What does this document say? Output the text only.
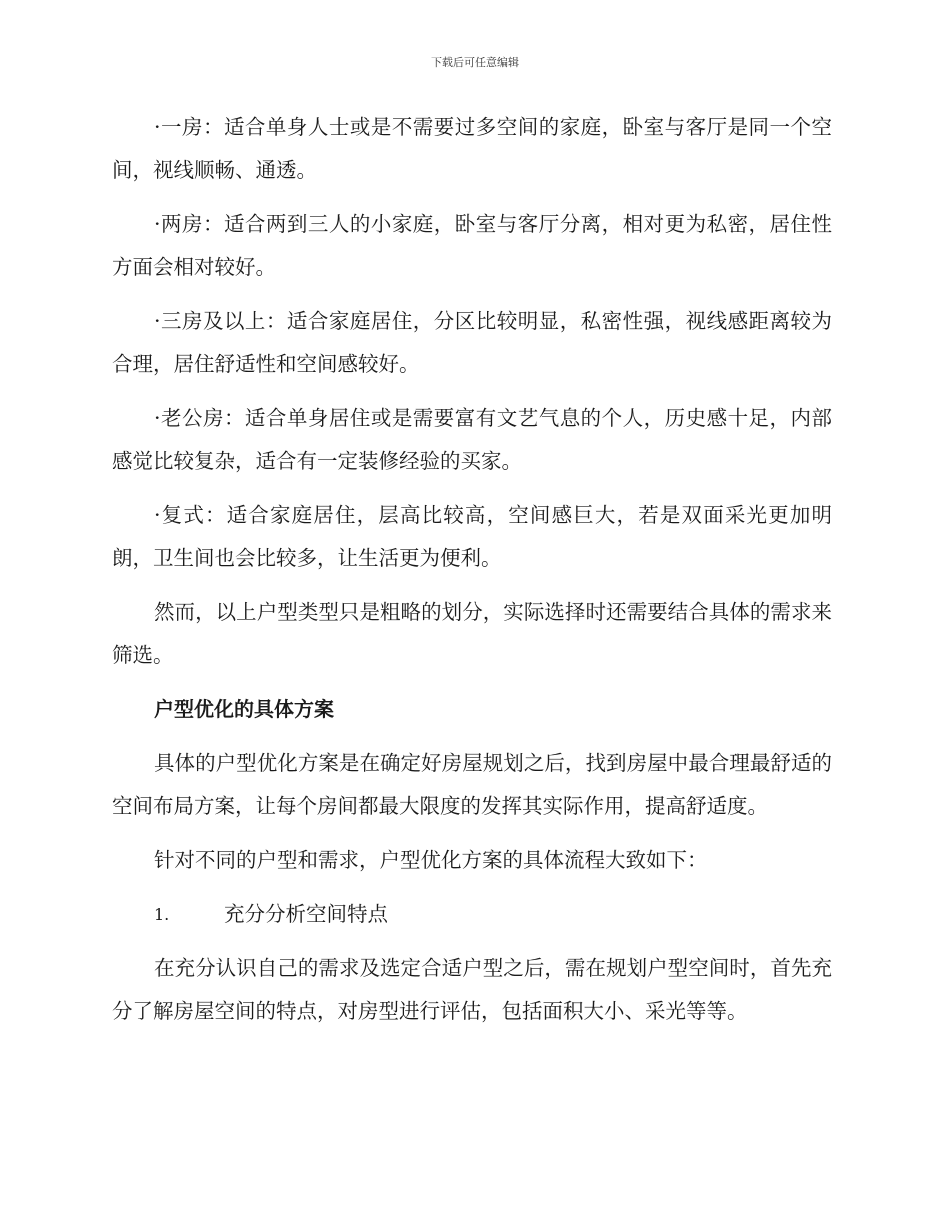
下载后可任意编辑

·一房：适合单身人士或是不需要过多空间的家庭，卧室与客厅是同一个空间，视线顺畅、通透。

·两房：适合两到三人的小家庭，卧室与客厅分离，相对更为私密，居住性方面会相对较好。

·三房及以上：适合家庭居住，分区比较明显，私密性强，视线感距离较为合理，居住舒适性和空间感较好。

·老公房：适合单身居住或是需要富有文艺气息的个人，历史感十足，内部感觉比较复杂，适合有一定装修经验的买家。

·复式：适合家庭居住，层高比较高，空间感巨大，若是双面采光更加明朗，卫生间也会比较多，让生活更为便利。

然而，以上户型类型只是粗略的划分，实际选择时还需要结合具体的需求来筛选。

户型优化的具体方案

具体的户型优化方案是在确定好房屋规划之后，找到房屋中最合理最舒适的空间布局方案，让每个房间都最大限度的发挥其实际作用，提高舒适度。

针对不同的户型和需求，户型优化方案的具体流程大致如下：

1.	充分分析空间特点

在充分认识自己的需求及选定合适户型之后，需在规划户型空间时，首先充分了解房屋空间的特点，对房型进行评估，包括面积大小、采光等等。
